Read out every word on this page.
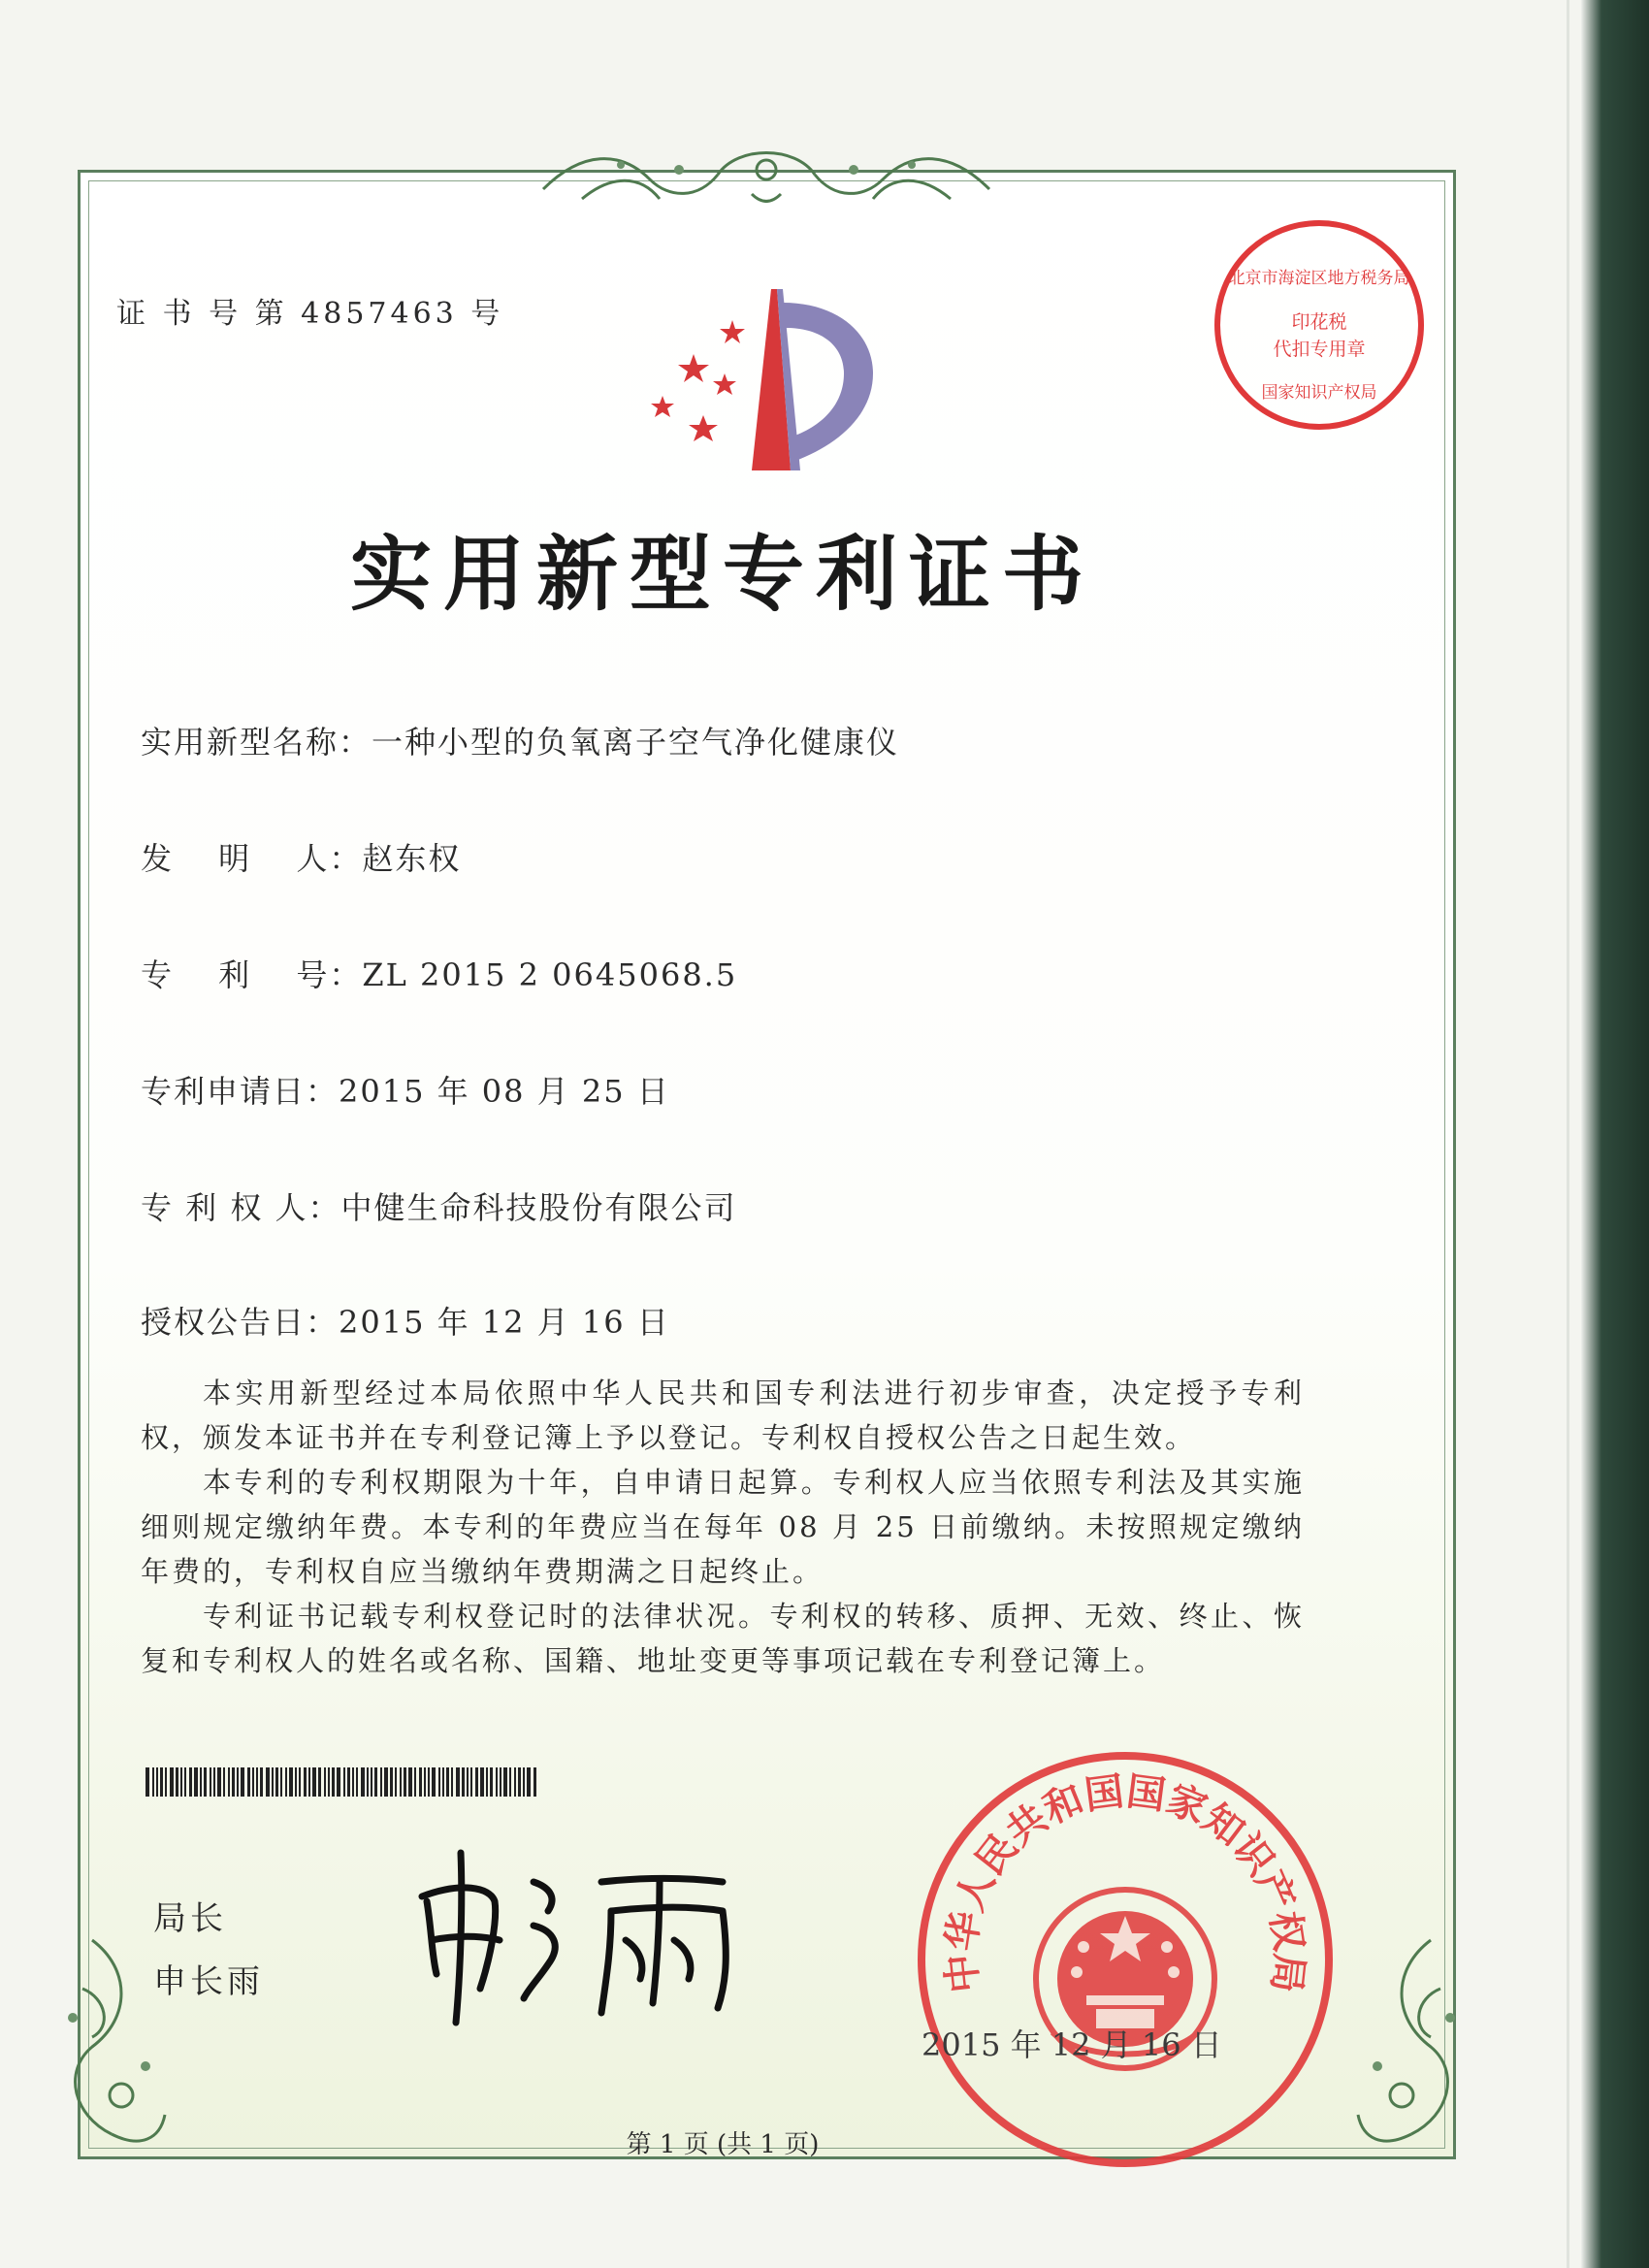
证 书 号 第 4857463 号
北京市海淀区地方税务局
印花税
代扣专用章
国家知识产权局
实用新型专利证书
实用新型名称：一种小型的负氧离子空气净化健康仪
发　 明　 人：赵东权
专　 利　 号：ZL 2015 2 0645068.5
专利申请日：2015 年 08 月 25 日
专 利 权 人：中健生命科技股份有限公司
授权公告日：2015 年 12 月 16 日

本实用新型经过本局依照中华人民共和国专利法进行初步审查，决定授予专利权，颁发本证书并在专利登记簿上予以登记。专利权自授权公告之日起生效。

本专利的专利权期限为十年，自申请日起算。专利权人应当依照专利法及其实施细则规定缴纳年费。本专利的年费应当在每年 08 月 25 日前缴纳。未按照规定缴纳年费的，专利权自应当缴纳年费期满之日起终止。

专利证书记载专利权登记时的法律状况。专利权的转移、质押、无效、终止、恢复和专利权人的姓名或名称、国籍、地址变更等事项记载在专利登记簿上。

局长
申长雨	中华人民共和国国家知识产权局
2015 年 12 月 16 日
第 1 页 (共 1 页)
